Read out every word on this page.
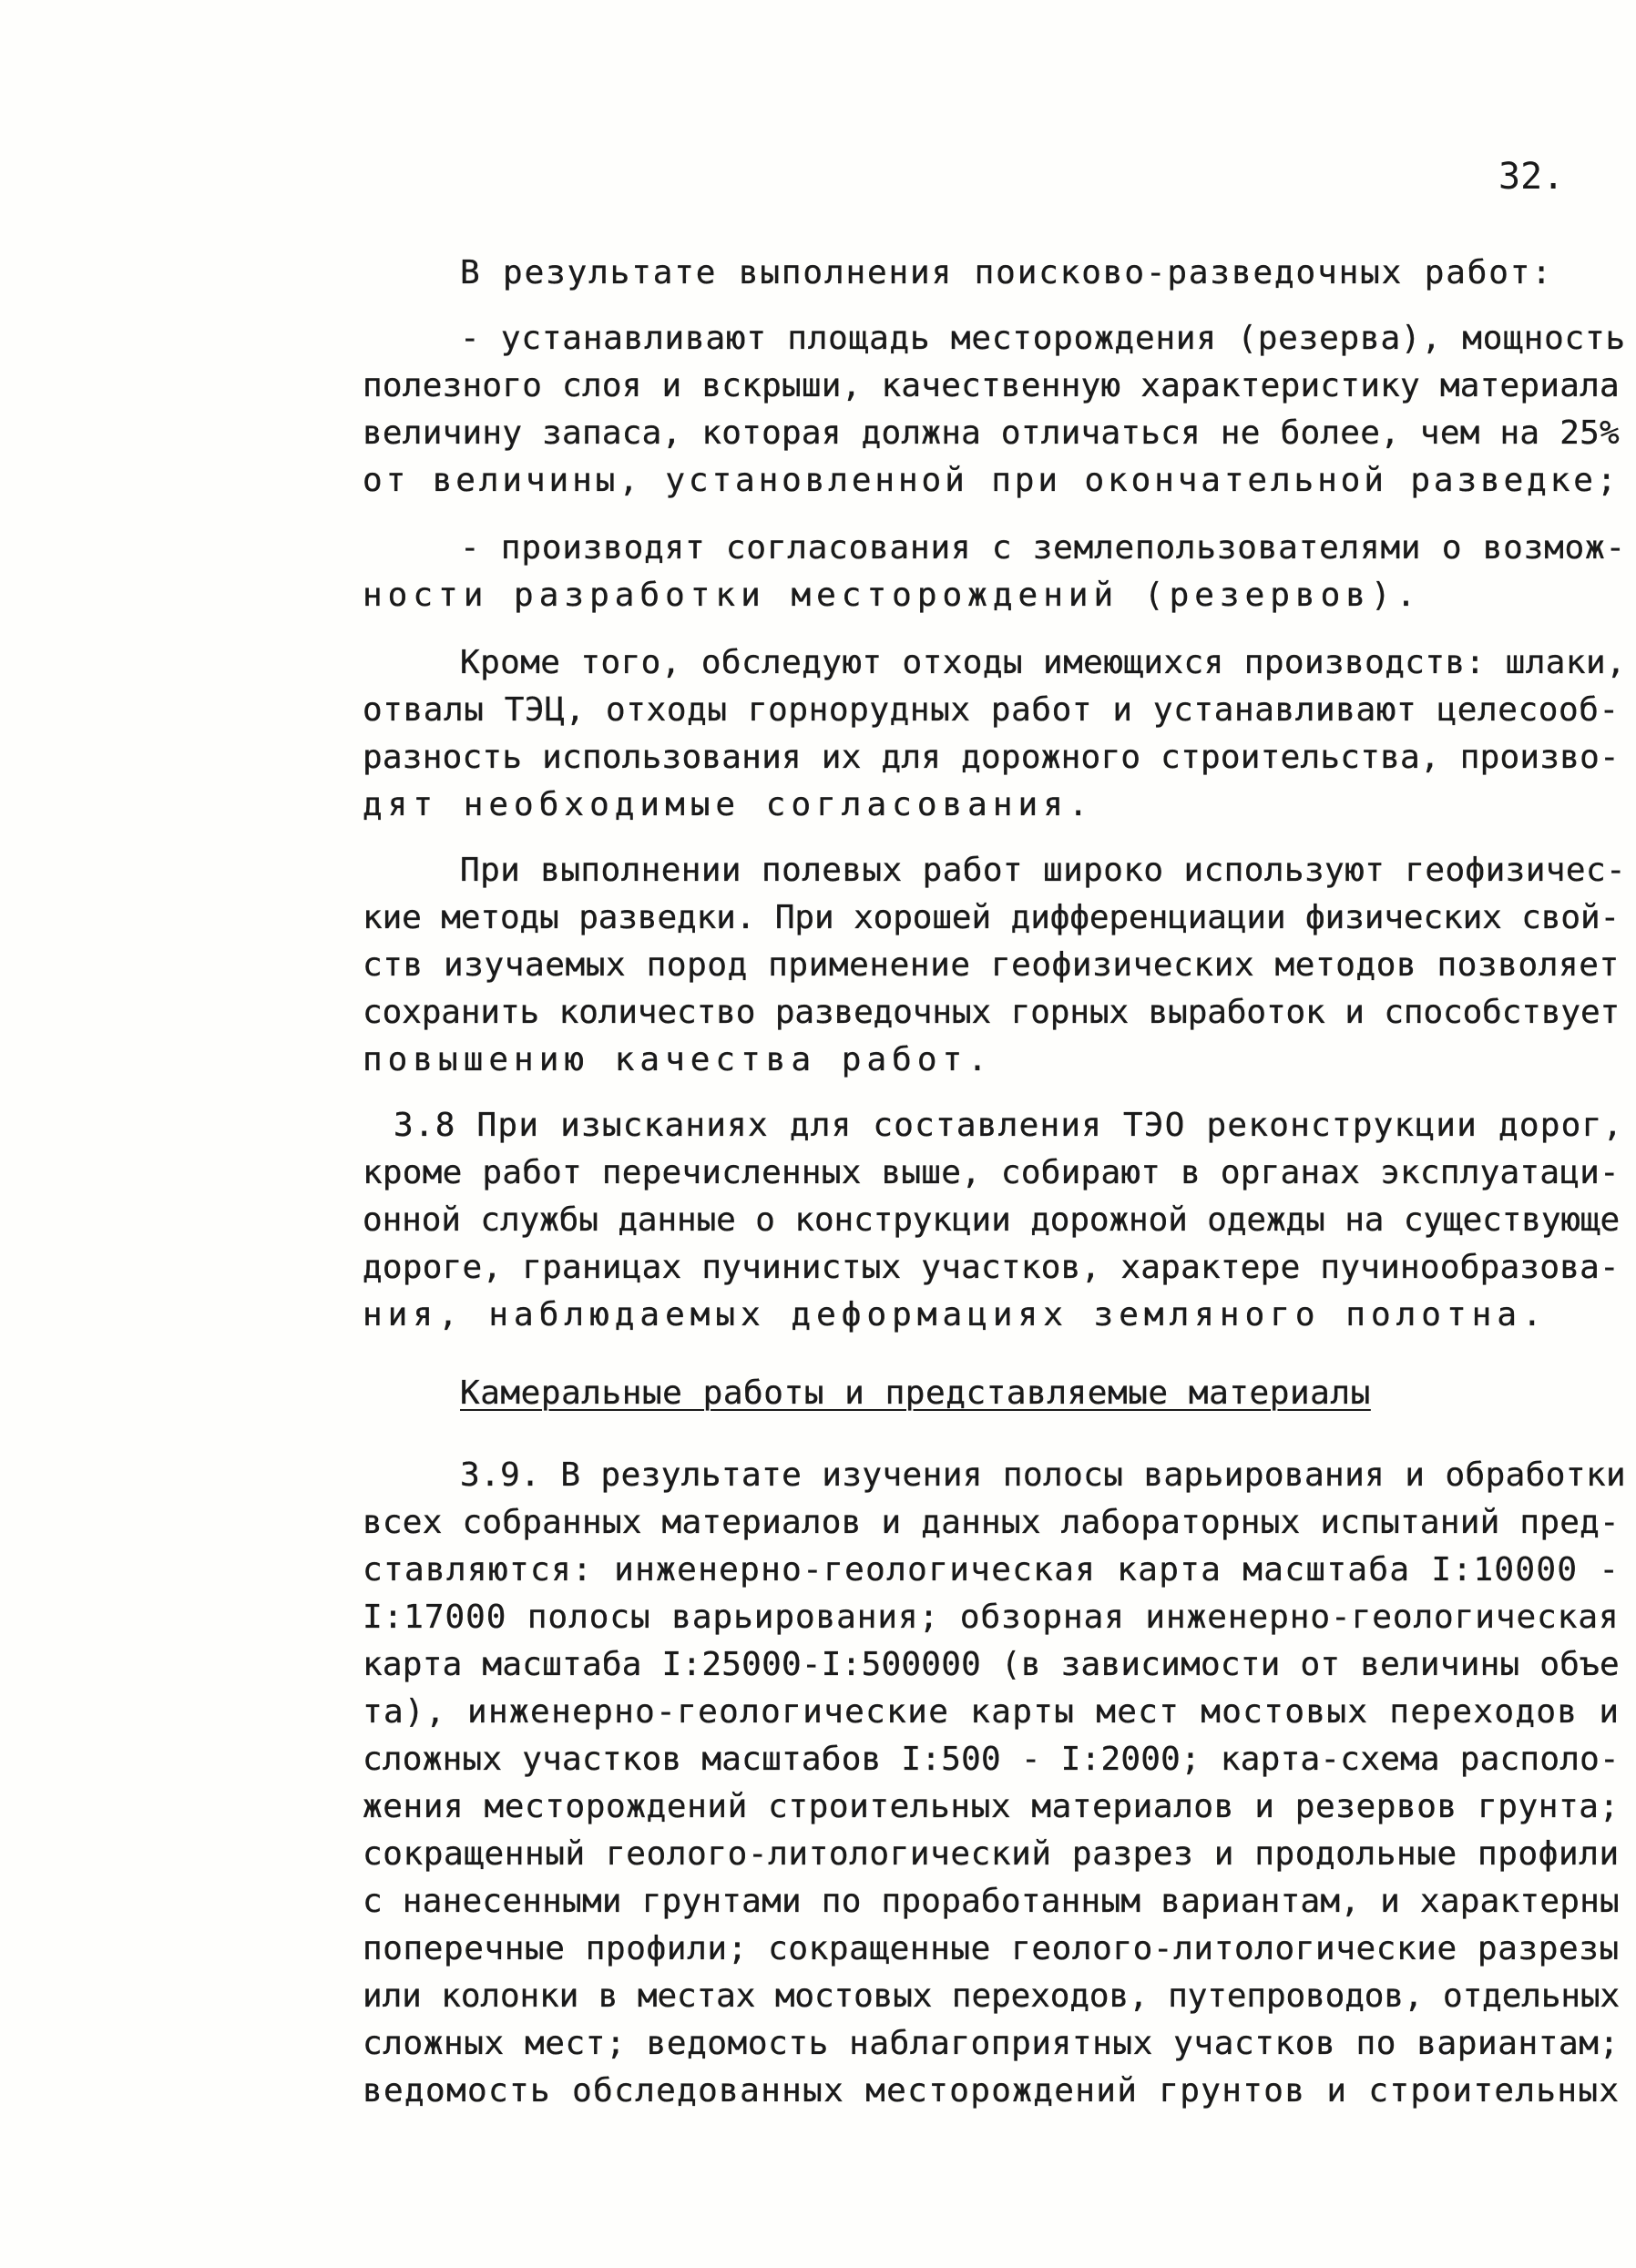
32.
В результате выполнения поисково-разведочных работ:
- устанавливают площадь месторождения (резерва), мощность
полезного слоя и вскрыши, качественную характеристику материала
величину запаса, которая должна отличаться не более, чем на 25%
от величины, установленной при окончательной разведке;
- производят согласования с землепользователями о возмож-
ности разработки месторождений (резервов).
Кроме того, обследуют отходы имеющихся производств: шлаки,
отвалы ТЭЦ, отходы горнорудных работ и устанавливают целесооб-
разность использования их для дорожного строительства, произво-
дят необходимые согласования.
При выполнении полевых работ широко используют геофизичес-
кие методы разведки. При хорошей дифференциации физических свой-
ств изучаемых пород применение геофизических методов позволяет
сохранить количество разведочных горных выработок и способствует
повышению качества работ.
3.8 При изысканиях для составления ТЭО реконструкции дорог,
кроме работ перечисленных выше, собирают в органах эксплуатаци-
онной службы данные о конструкции дорожной одежды на существующе
дороге, границах пучинистых участков, характере пучинообразова-
ния, наблюдаемых деформациях земляного полотна.
Камеральные работы и представляемые материалы
3.9. В результате изучения полосы варьирования и обработки
всех собранных материалов и данных лабораторных испытаний пред-
ставляются: инженерно-геологическая карта масштаба I:10000 -
I:17000 полосы варьирования; обзорная инженерно-геологическая
карта масштаба I:25000-I:500000 (в зависимости от величины объе
та), инженерно-геологические карты мест мостовых переходов и
сложных участков масштабов I:500 - I:2000; карта-схема располо-
жения месторождений строительных материалов и резервов грунта;
сокращенный геолого-литологический разрез и продольные профили
с нанесенными грунтами по проработанным вариантам, и характерны
поперечные профили; сокращенные геолого-литологические разрезы
или колонки в местах мостовых переходов, путепроводов, отдельных
сложных мест; ведомость наблагоприятных участков по вариантам;
ведомость обследованных месторождений грунтов и строительных
